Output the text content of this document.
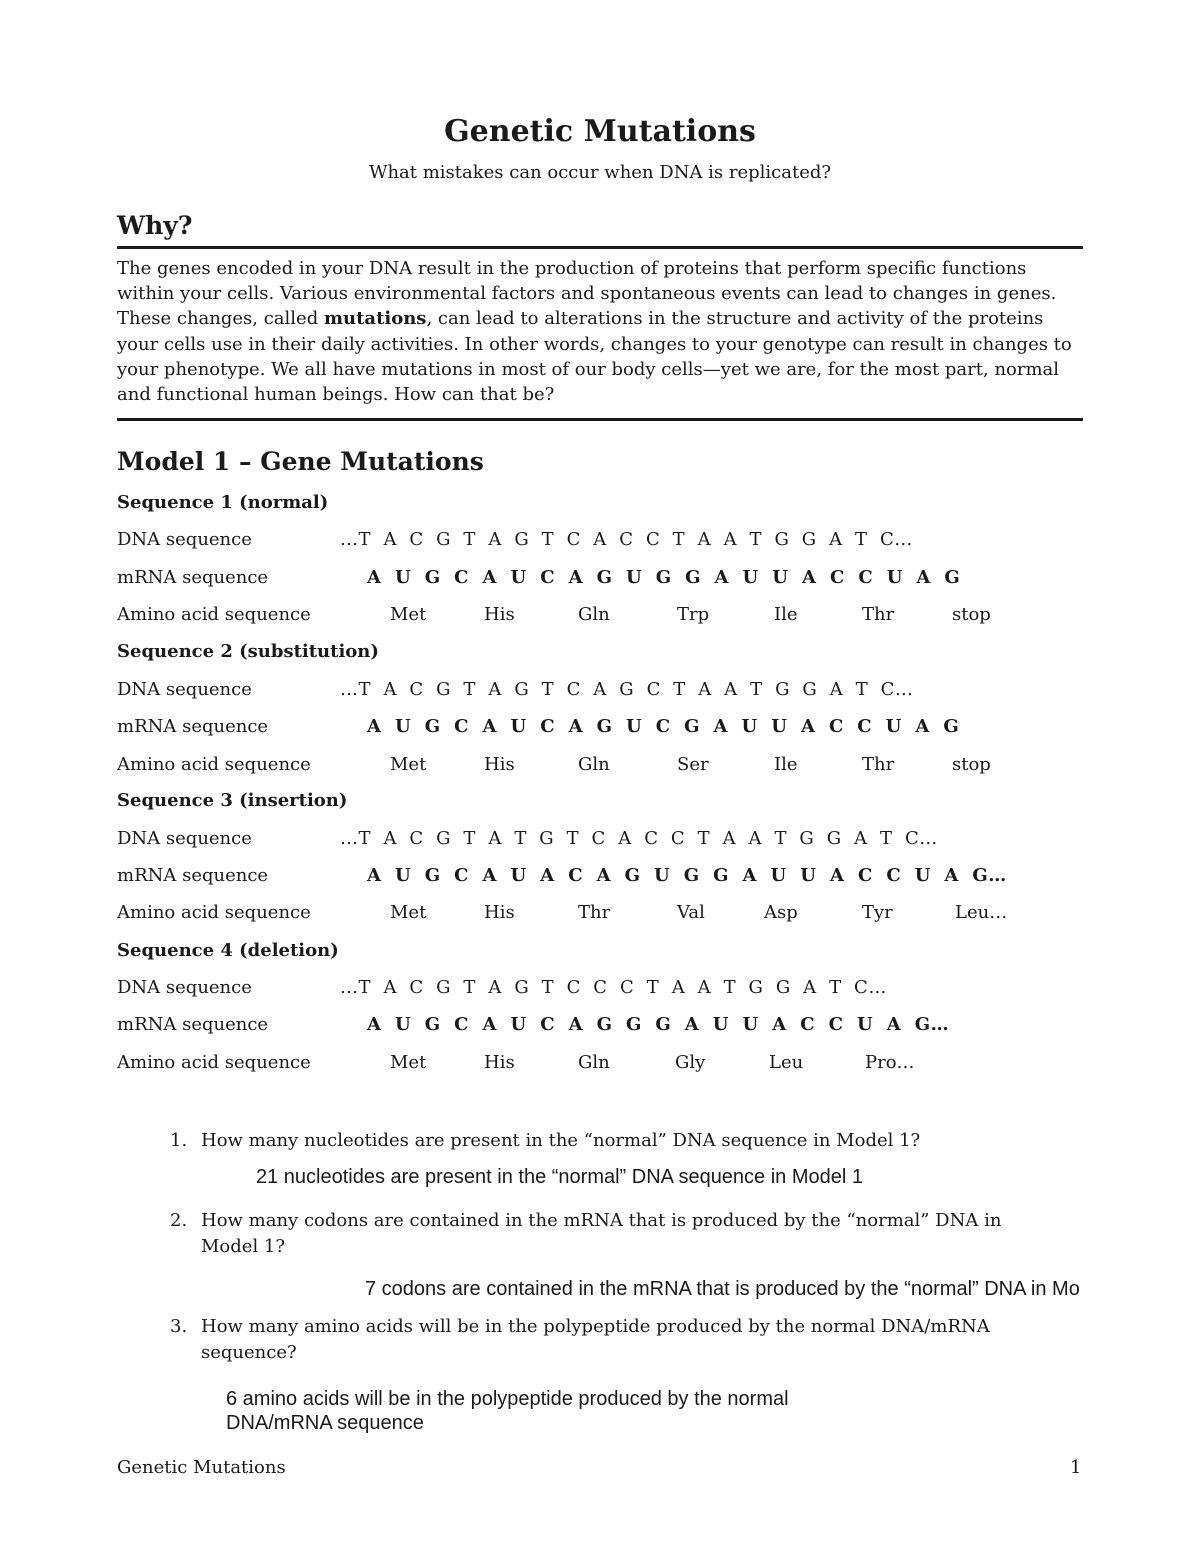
Genetic Mutations
What mistakes can occur when DNA is replicated?
Why?

The genes encoded in your DNA result in the production of proteins that perform specific functions within your cells. Various environmental factors and spontaneous events can lead to changes in genes. These changes, called mutations, can lead to alterations in the structure and activity of the proteins your cells use in their daily activities. In other words, changes to your genotype can result in changes to your phenotype. We all have mutations in most of our body cells—yet we are, for the most part, normal and functional human beings. How can that be?

Model 1 – Gene Mutations
Sequence 1 (normal)
DNA sequence	…T  A  C  G  T  A  G  T  C  A  C  C  T  A  A  T  G  G  A  T  C…
mRNA sequence	A  U  G  C  A  U  C  A  G  U  G  G  A  U  U  A  C  C  U  A  G
Amino acid sequence	Met	His	Gln	Trp	Ile	Thr	stop
Sequence 2 (substitution)
DNA sequence	…T  A  C  G  T  A  G  T  C  A  G  C  T  A  A  T  G  G  A  T  C…
mRNA sequence	A  U  G  C  A  U  C  A  G  U  C  G  A  U  U  A  C  C  U  A  G
Amino acid sequence	Met	His	Gln	Ser	Ile	Thr	stop
Sequence 3 (insertion)
DNA sequence	…T  A  C  G  T  A  T  G  T  C  A  C  C  T  A  A  T  G  G  A  T  C…
mRNA sequence	A  U  G  C  A  U  A  C  A  G  U  G  G  A  U  U  A  C  C  U  A  G…
Amino acid sequence	Met	His	Thr	Val	Asp	Tyr	Leu…
Sequence 4 (deletion)
DNA sequence	…T  A  C  G  T  A  G  T  C  C  C  T  A  A  T  G  G  A  T  C…
mRNA sequence	A  U  G  C  A  U  C  A  G  G  G  A  U  U  A  C  C  U  A  G…
Amino acid sequence	Met	His	Gln	Gly	Leu	Pro…
1. How many nucleotides are present in the “normal” DNA sequence in Model 1?
21 nucleotides are present in the “normal” DNA sequence in Model 1
2. How many codons are contained in the mRNA that is produced by the “normal” DNA in Model 1?
7 codons are contained in the mRNA that is produced by the “normal” DNA in Mo
3. How many amino acids will be in the polypeptide produced by the normal DNA/mRNA sequence?
6 amino acids will be in the polypeptide produced by the normal
DNA/mRNA sequence
Genetic Mutations	1
